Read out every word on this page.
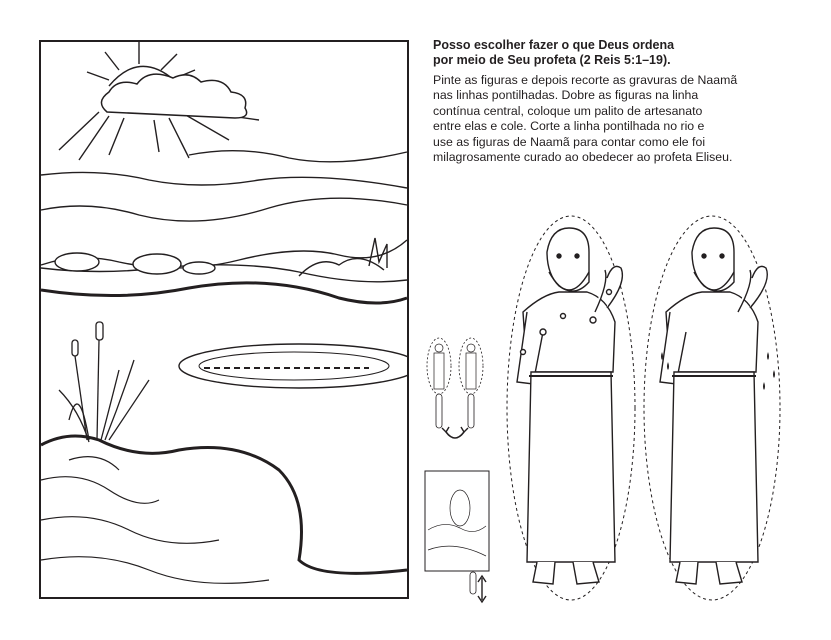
Posso escolher fazer o que Deus ordena
por meio de Seu profeta (2 Reis 5:1–19).

Pinte as figuras e depois recorte as gravuras de Naamã
nas linhas pontilhadas. Dobre as figuras na linha
contínua central, coloque um palito de artesanato
entre elas e cole. Corte a linha pontilhada no rio e
use as figuras de Naamã para contar como ele foi
milagrosamente curado ao obedecer ao profeta Eliseu.
